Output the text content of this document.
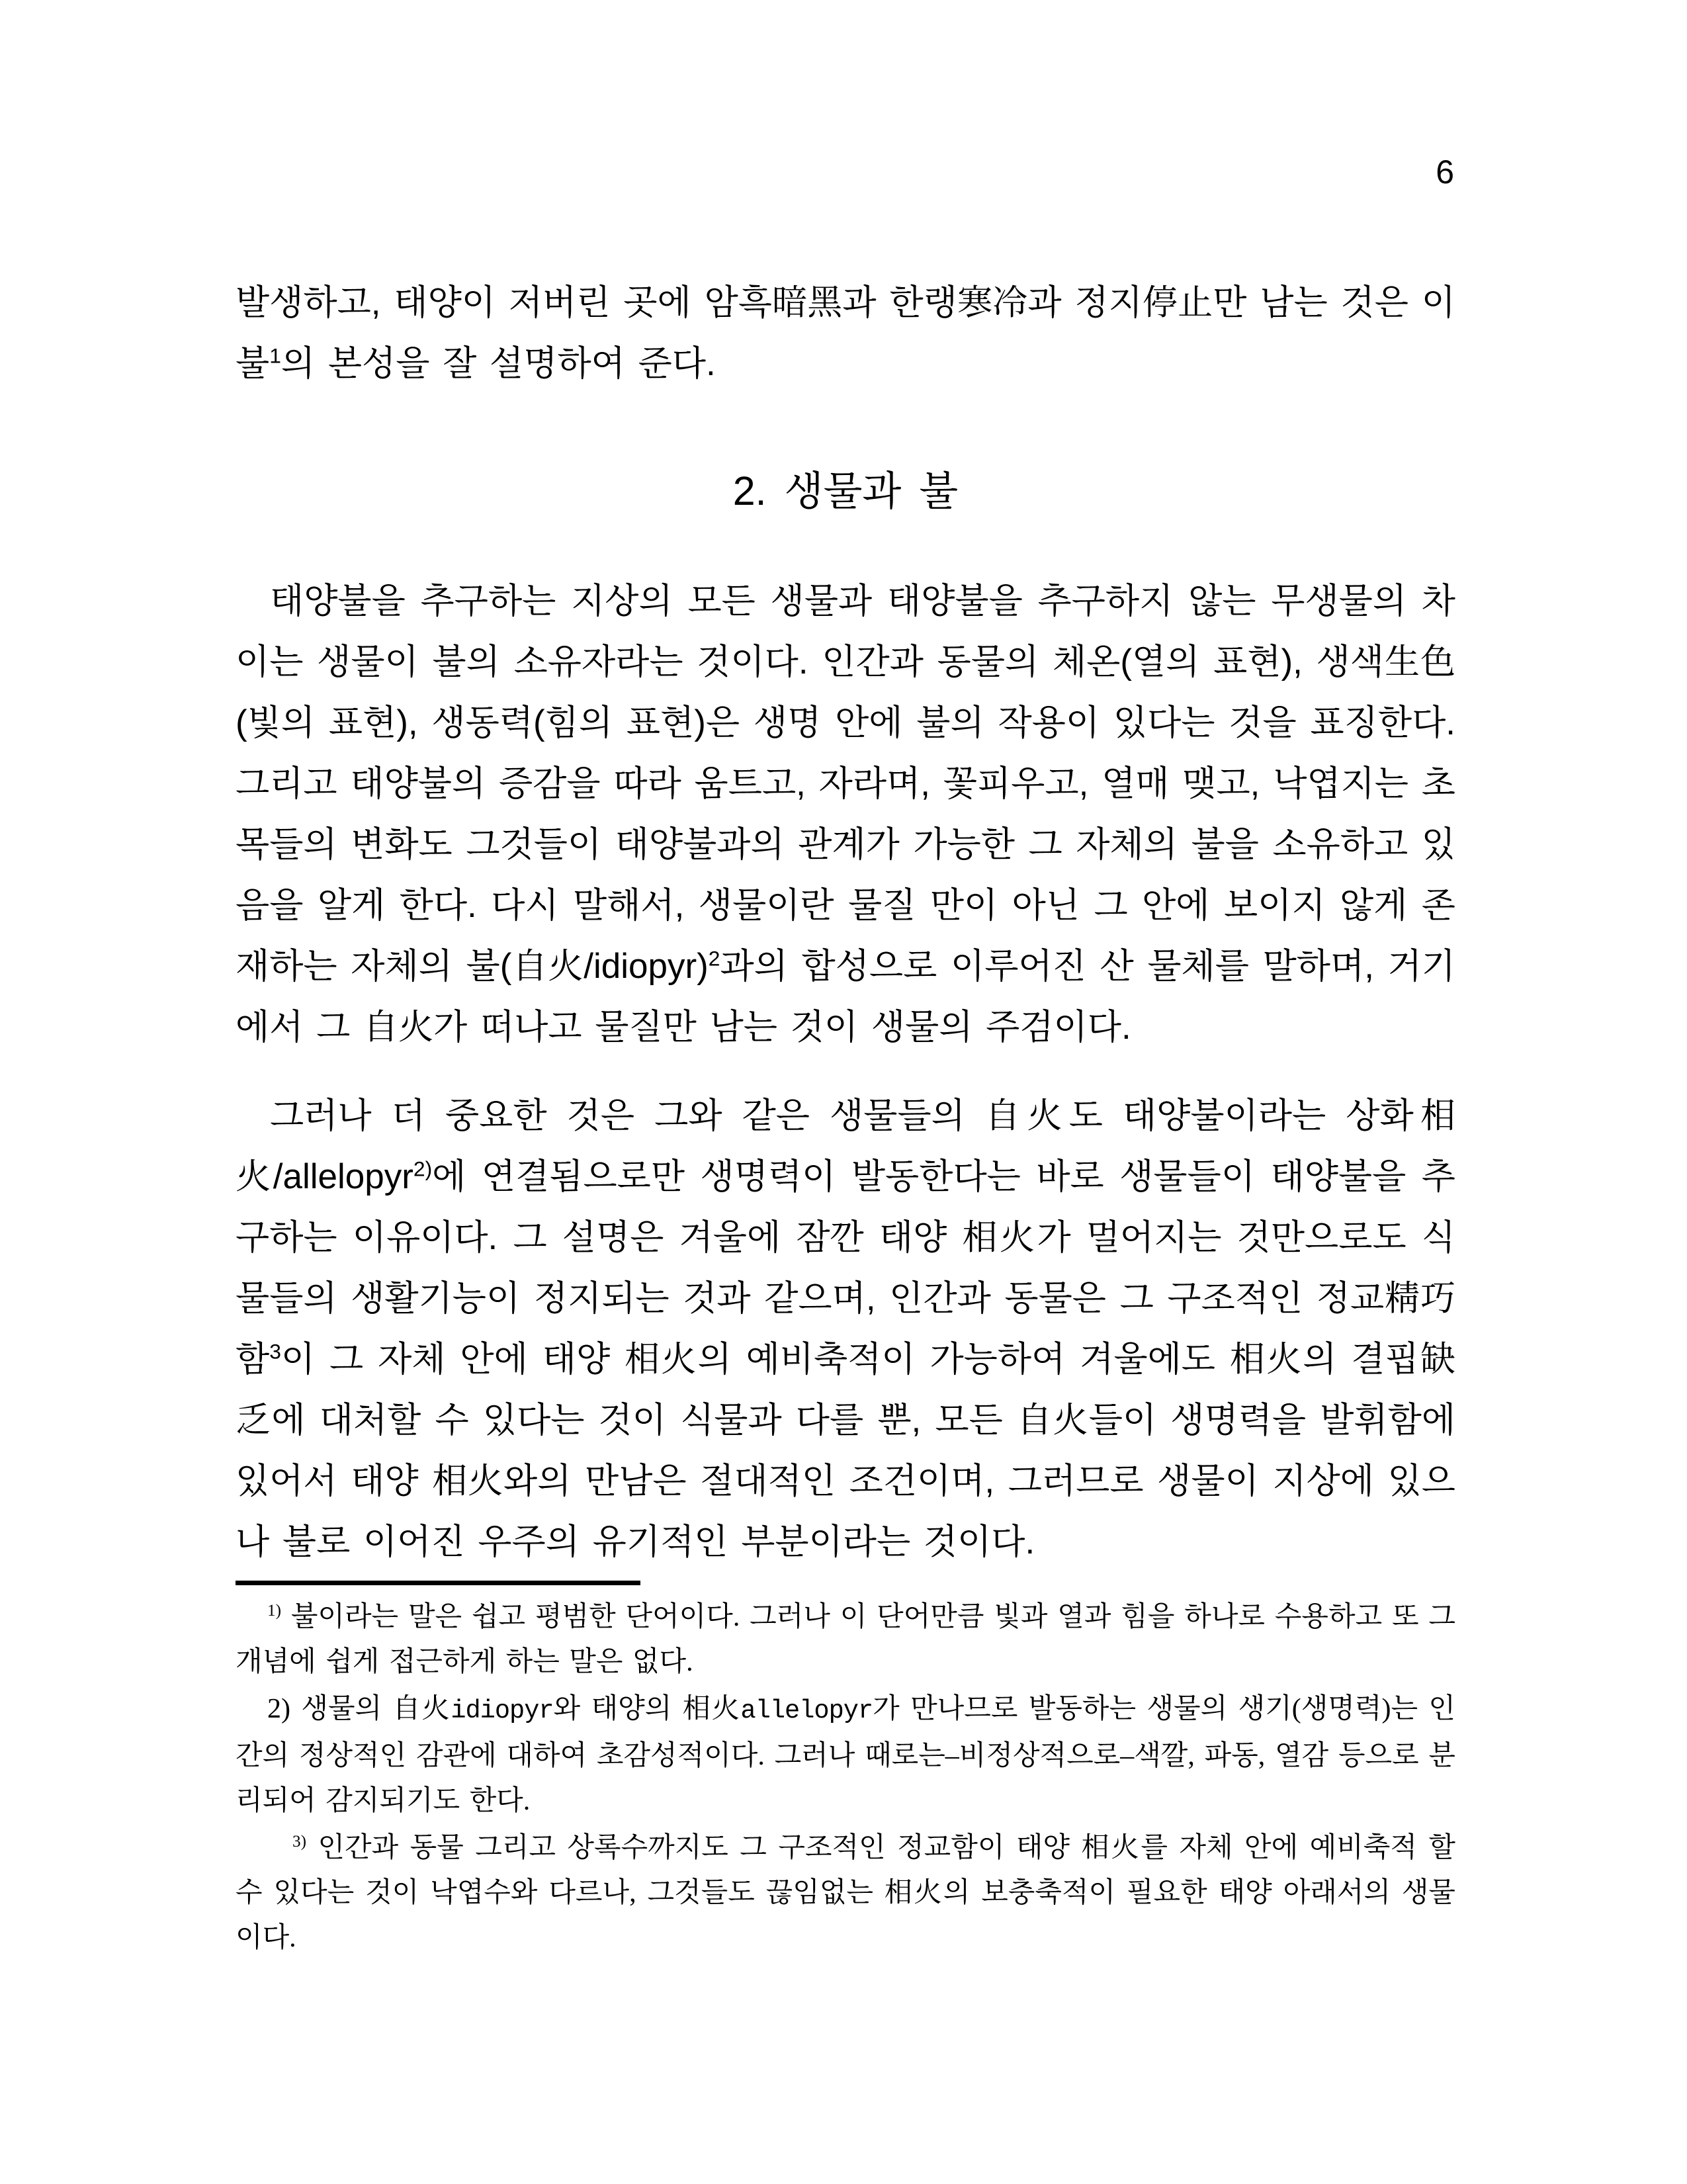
6

발생하고, 태양이 저버린 곳에 암흑暗黑과 한랭寒冷과 정지停止만 남는 것은 이 불$^1$의 본성을 잘 설명하여 준다.

2. 생물과 불

태양불을 추구하는 지상의 모든 생물과 태양불을 추구하지 않는 무생물의 차이는 생물이 불의 소유자라는 것이다. 인간과 동물의 체온(열의 표현), 생색生色(빛의 표현), 생동력(힘의 표현)은 생명 안에 불의 작용이 있다는 것을 표징한다. 그리고 태양불의 증감을 따라 움트고, 자라며, 꽃피우고, 열매 맺고, 낙엽지는 초목들의 변화도 그것들이 태양불과의 관계가 가능한 그 자체의 불을 소유하고 있음을 알게 한다. 다시 말해서, 생물이란 물질 만이 아닌 그 안에 보이지 않게 존재하는 자체의 불(自火/idiopyr)$^2$과의 합성으로 이루어진 산 물체를 말하며, 거기에서 그 自火가 떠나고 물질만 남는 것이 생물의 주검이다.

그러나 더 중요한 것은 그와 같은 생물들의 自火도 태양불이라는 상화相火/allelopyr$^{2)}$에 연결됨으로만 생명력이 발동한다는 바로 생물들이 태양불을 추구하는 이유이다. 그 설명은 겨울에 잠깐 태양 相火가 멀어지는 것만으로도 식물들의 생활기능이 정지되는 것과 같으며, 인간과 동물은 그 구조적인 정교精巧함$^3$이 그 자체 안에 태양 相火의 예비축적이 가능하여 겨울에도 相火의 결핍缺乏에 대처할 수 있다는 것이 식물과 다를 뿐, 모든 自火들이 생명력을 발휘함에 있어서 태양 相火와의 만남은 절대적인 조건이며, 그러므로 생물이 지상에 있으나 불로 이어진 우주의 유기적인 부분이라는 것이다.

$^{1)}$ 불이라는 말은 쉽고 평범한 단어이다. 그러나 이 단어만큼 빛과 열과 힘을 하나로 수용하고 또 그 개념에 쉽게 접근하게 하는 말은 없다.

2) 생물의 自火idiopyr와 태양의 相火allelopyr가 만나므로 발동하는 생물의 생기(생명력)는 인간의 정상적인 감관에 대하여 초감성적이다. 그러나 때로는–비정상적으로–색깔, 파동, 열감 등으로 분리되어 감지되기도 한다.

$^{3)}$ 인간과 동물 그리고 상록수까지도 그 구조적인 정교함이 태양 相火를 자체 안에 예비축적 할 수 있다는 것이 낙엽수와 다르나, 그것들도 끊임없는 相火의 보충축적이 필요한 태양 아래서의 생물이다.
